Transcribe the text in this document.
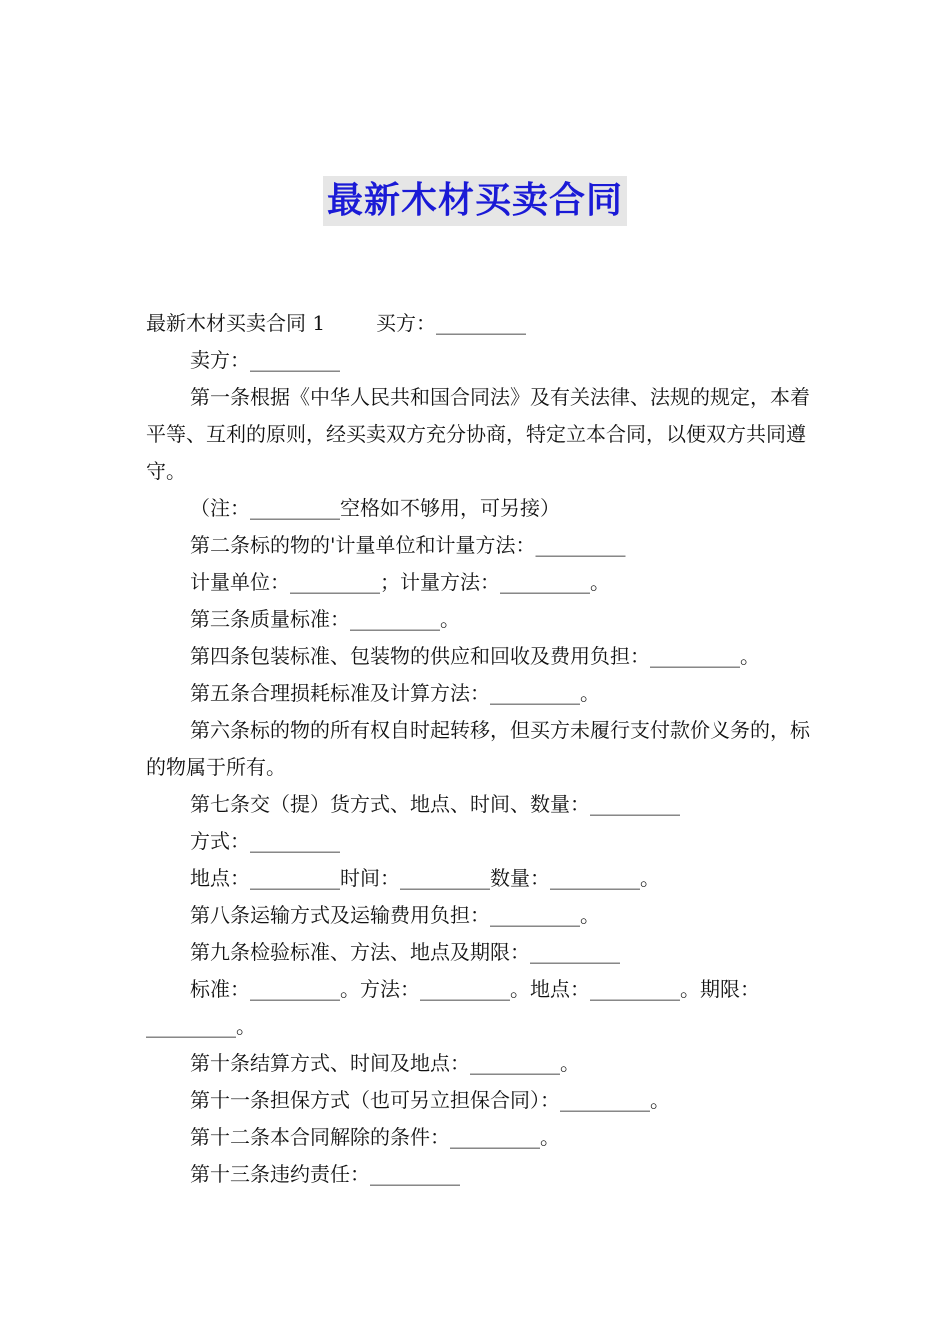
最新木材买卖合同

最新木材买卖合同 1        买方：_________

卖方：_________

第一条根据《中华人民共和国合同法》及有关法律、法规的规定，本着平等、互利的原则，经买卖双方充分协商，特定立本合同，以便双方共同遵守。

（注：_________空格如不够用，可另接）

第二条标的物的'计量单位和计量方法：_________

计量单位：_________；计量方法：_________。

第三条质量标准：_________。

第四条包装标准、包装物的供应和回收及费用负担：_________。

第五条合理损耗标准及计算方法：_________。

第六条标的物的所有权自时起转移，但买方未履行支付款价义务的，标的物属于所有。

第七条交（提）货方式、地点、时间、数量：_________

方式：_________

地点：_________时间：_________数量：_________。

第八条运输方式及运输费用负担：_________。

第九条检验标准、方法、地点及期限：_________

标准：_________。方法：_________。地点：_________。期限：_________。

第十条结算方式、时间及地点：_________。

第十一条担保方式（也可另立担保合同）：_________。

第十二条本合同解除的条件：_________。

第十三条违约责任：_________
